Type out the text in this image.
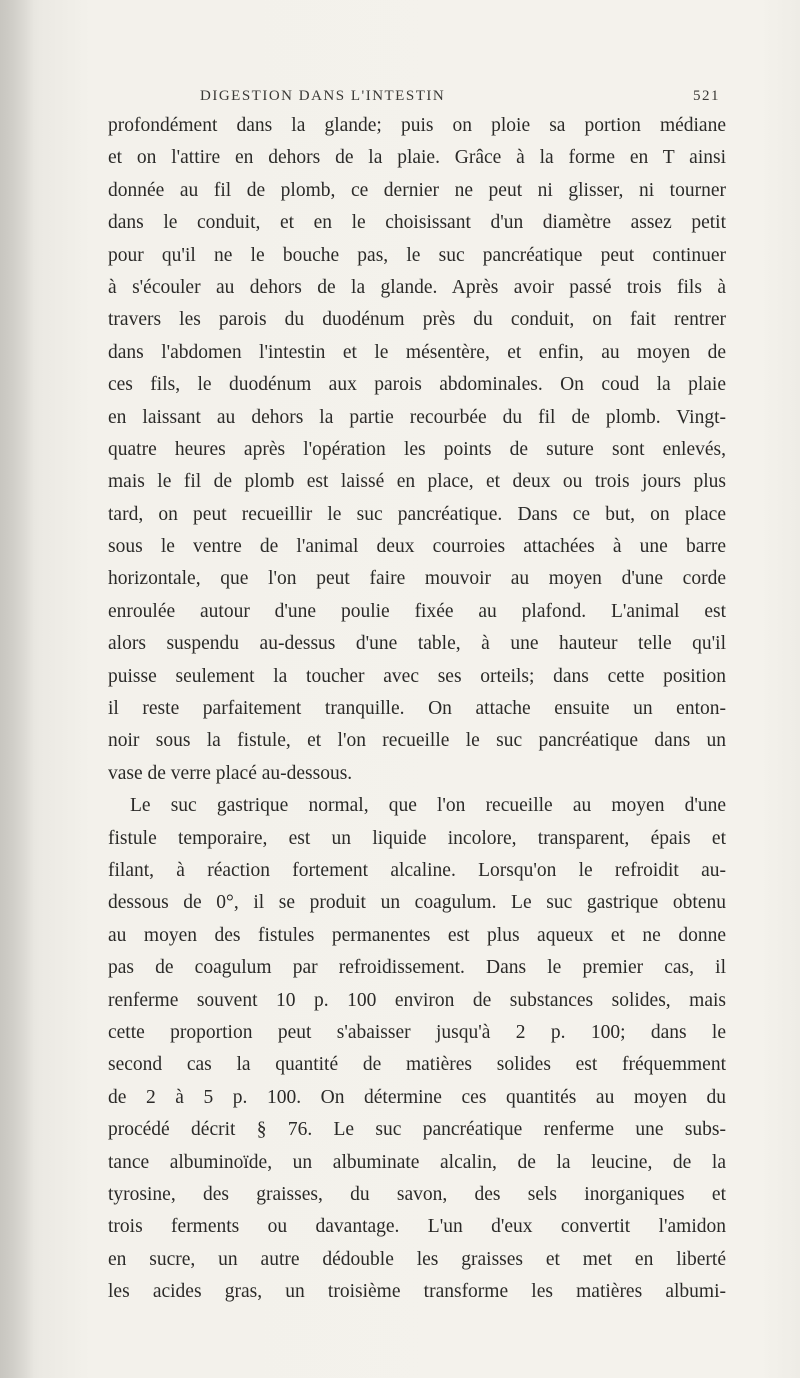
DIGESTION DANS L'INTESTIN	521
profondément dans la glande; puis on ploie sa portion médiane
et on l'attire en dehors de la plaie. Grâce à la forme en T ainsi
donnée au fil de plomb, ce dernier ne peut ni glisser, ni tourner
dans le conduit, et en le choisissant d'un diamètre assez petit
pour qu'il ne le bouche pas, le suc pancréatique peut continuer
à s'écouler au dehors de la glande. Après avoir passé trois fils à
travers les parois du duodénum près du conduit, on fait rentrer
dans l'abdomen l'intestin et le mésentère, et enfin, au moyen de
ces fils, le duodénum aux parois abdominales. On coud la plaie
en laissant au dehors la partie recourbée du fil de plomb. Vingt-
quatre heures après l'opération les points de suture sont enlevés,
mais le fil de plomb est laissé en place, et deux ou trois jours plus
tard, on peut recueillir le suc pancréatique. Dans ce but, on place
sous le ventre de l'animal deux courroies attachées à une barre
horizontale, que l'on peut faire mouvoir au moyen d'une corde
enroulée autour d'une poulie fixée au plafond. L'animal est
alors suspendu au-dessus d'une table, à une hauteur telle qu'il
puisse seulement la toucher avec ses orteils; dans cette position
il reste parfaitement tranquille. On attache ensuite un enton-
noir sous la fistule, et l'on recueille le suc pancréatique dans un
vase de verre placé au-dessous.
Le suc gastrique normal, que l'on recueille au moyen d'une
fistule temporaire, est un liquide incolore, transparent, épais et
filant, à réaction fortement alcaline. Lorsqu'on le refroidit au-
dessous de 0°, il se produit un coagulum. Le suc gastrique obtenu
au moyen des fistules permanentes est plus aqueux et ne donne
pas de coagulum par refroidissement. Dans le premier cas, il
renferme souvent 10 p. 100 environ de substances solides, mais
cette proportion peut s'abaisser jusqu'à 2 p. 100; dans le
second cas la quantité de matières solides est fréquemment
de 2 à 5 p. 100. On détermine ces quantités au moyen du
procédé décrit § 76. Le suc pancréatique renferme une subs-
tance albuminoïde, un albuminate alcalin, de la leucine, de la
tyrosine, des graisses, du savon, des sels inorganiques et
trois ferments ou davantage. L'un d'eux convertit l'amidon
en sucre, un autre dédouble les graisses et met en liberté
les acides gras, un troisième transforme les matières albumi-
